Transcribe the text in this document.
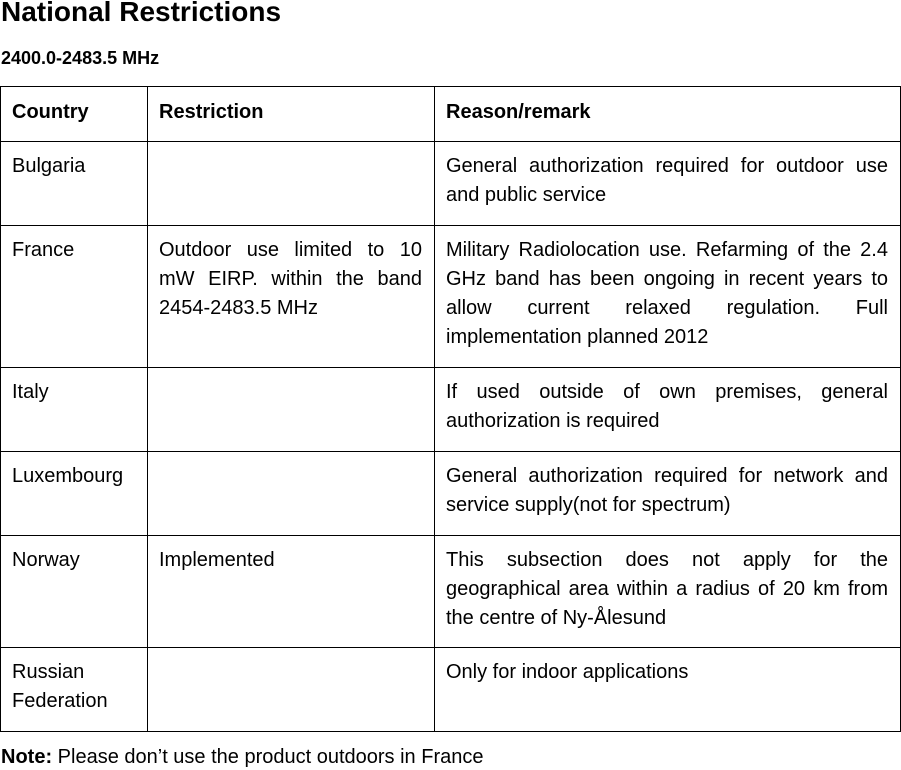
National Restrictions
2400.0-2483.5 MHz
Country	Restriction	Reason/remark
Bulgaria		General authorization required for outdoor use and public service
France	Outdoor use limited to 10 mW EIRP. within the band 2454-2483.5 MHz	Military Radiolocation use. Refarming of the 2.4 GHz band has been ongoing in recent years to allow current relaxed regulation. Full implementation planned 2012
Italy		If used outside of own premises, general authorization is required
Luxembourg		General authorization required for network and service supply(not for spectrum)
Norway	Implemented	This subsection does not apply for the geographical area within a radius of 20 km from the centre of Ny-Ålesund
Russian Federation		Only for indoor applications

Note: Please don’t use the product outdoors in France
